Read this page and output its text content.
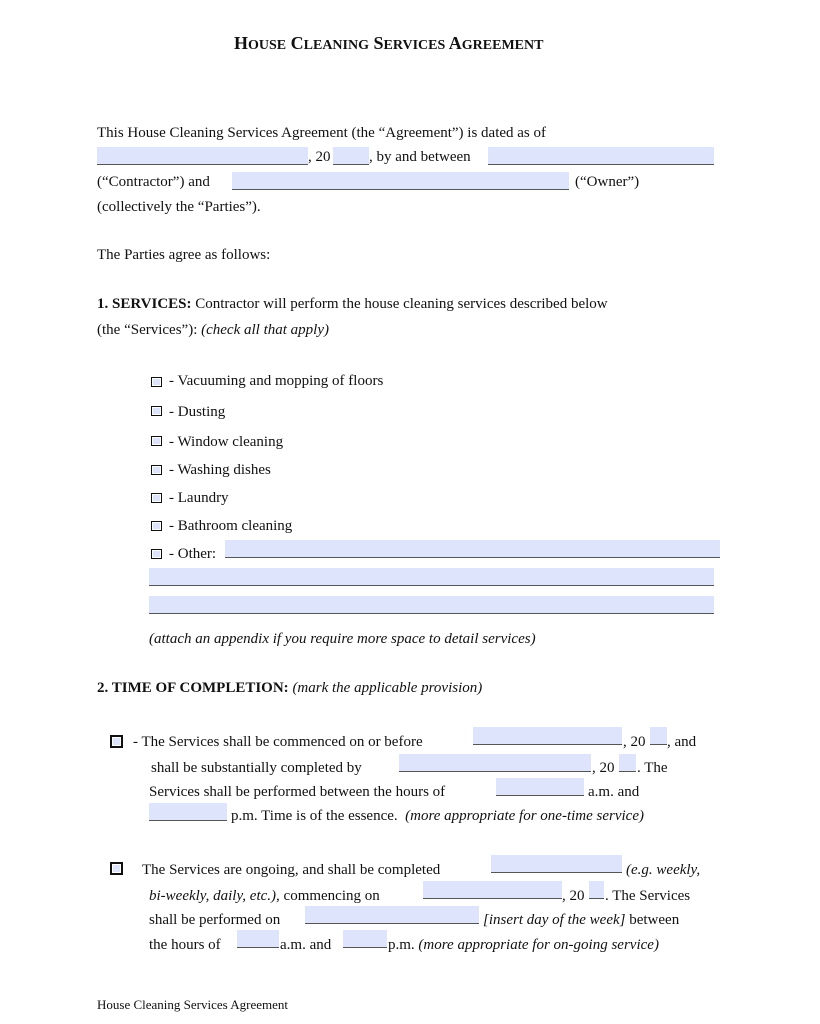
HOUSE CLEANING SERVICES AGREEMENT
This House Cleaning Services Agreement (the “Agreement”) is dated as of
, 20	, by and between
(“Contractor”) and	(“Owner”)
(collectively the “Parties”).
The Parties agree as follows:
1. SERVICES: Contractor will perform the house cleaning services described below
(the “Services”): (check all that apply)
- Vacuuming and mopping of floors
- Dusting
- Window cleaning
- Washing dishes
- Laundry
- Bathroom cleaning
- Other:
(attach an appendix if you require more space to detail services)
2. TIME OF COMPLETION: (mark the applicable provision)
- The Services shall be commenced on or before	, 20 , and
shall be substantially completed by	, 20 . The
Services shall be performed between the hours of	a.m. and
p.m. Time is of the essence. (more appropriate for one-time service)
The Services are ongoing, and shall be completed	(e.g. weekly,
bi-weekly, daily, etc.), commencing on	, 20 . The Services
shall be performed on	[insert day of the week] between
the hours of	a.m. and	p.m. (more appropriate for on-going service)
House Cleaning Services Agreement
